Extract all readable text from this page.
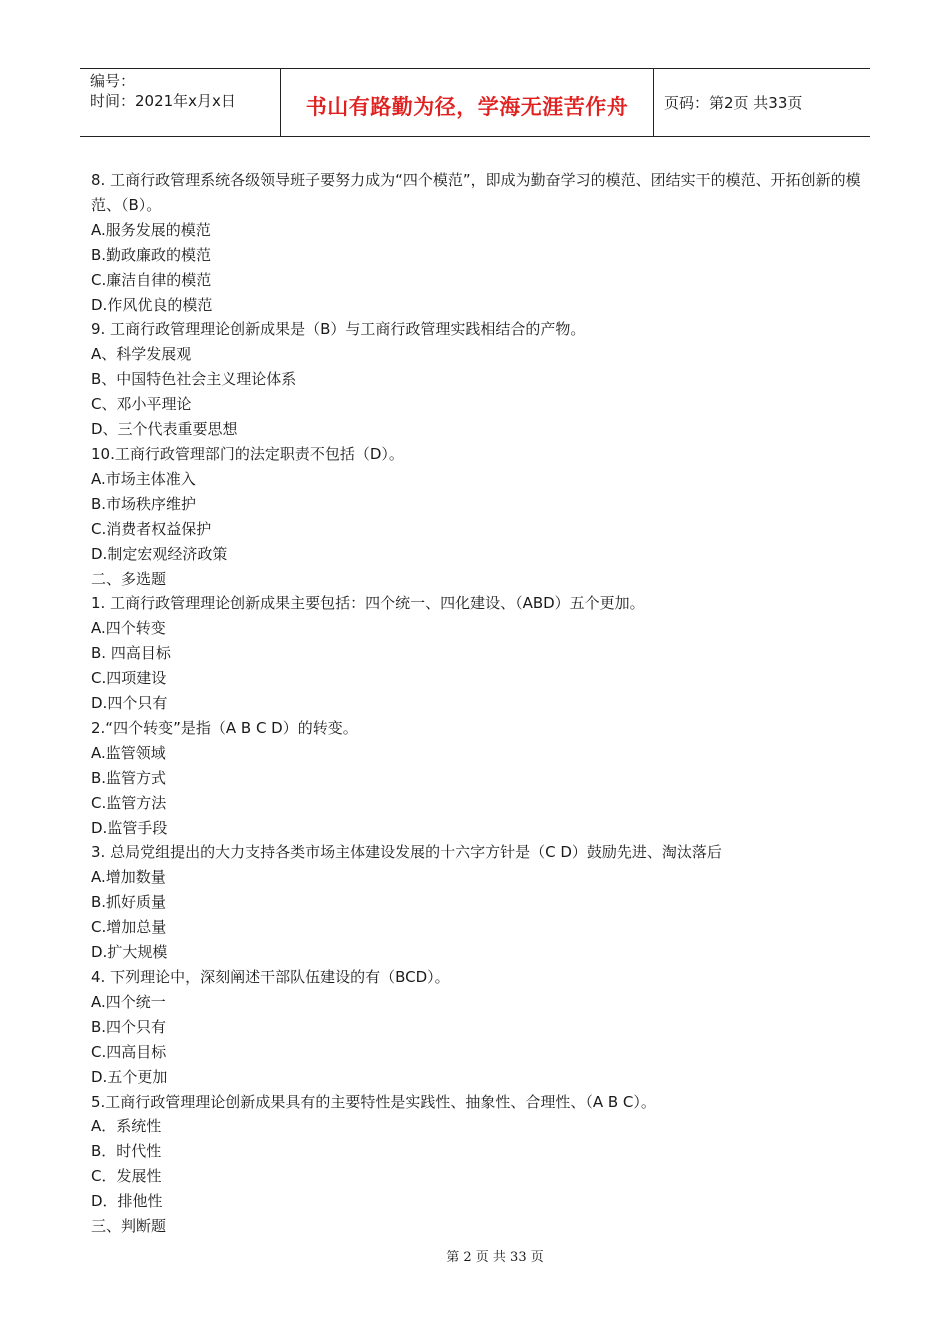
编号：
时间：2021年x月x日	书山有路勤为径，学海无涯苦作舟 页码：第2页 共33页
8. 工商行政管理系统各级领导班子要努力成为“四个模范”，即成为勤奋学习的模范、团结实干的模范、开拓创新的模范、（B）。
A.服务发展的模范
B.勤政廉政的模范
C.廉洁自律的模范
D.作风优良的模范
9. 工商行政管理理论创新成果是（B）与工商行政管理实践相结合的产物。
A、科学发展观
B、中国特色社会主义理论体系
C、邓小平理论
D、三个代表重要思想
10.工商行政管理部门的法定职责不包括（D）。
A.市场主体准入
B.市场秩序维护
C.消费者权益保护
D.制定宏观经济政策
二、多选题
1. 工商行政管理理论创新成果主要包括：四个统一、四化建设、（ABD）五个更加。
A.四个转变
B. 四高目标
C.四项建设
D.四个只有
2.“四个转变”是指（A B C D）的转变。
A.监管领域
B.监管方式
C.监管方法
D.监管手段
3. 总局党组提出的大力支持各类市场主体建设发展的十六字方针是（C D）鼓励先进、淘汰落后
A.增加数量
B.抓好质量
C.增加总量
D.扩大规模
4. 下列理论中，深刻阐述干部队伍建设的有（BCD）。
A.四个统一
B.四个只有
C.四高目标
D.五个更加
5.工商行政管理理论创新成果具有的主要特性是实践性、抽象性、合理性、（A B C）。
A．系统性
B．时代性
C．发展性
D．排他性
三、判断题
第 2 页 共 33 页
